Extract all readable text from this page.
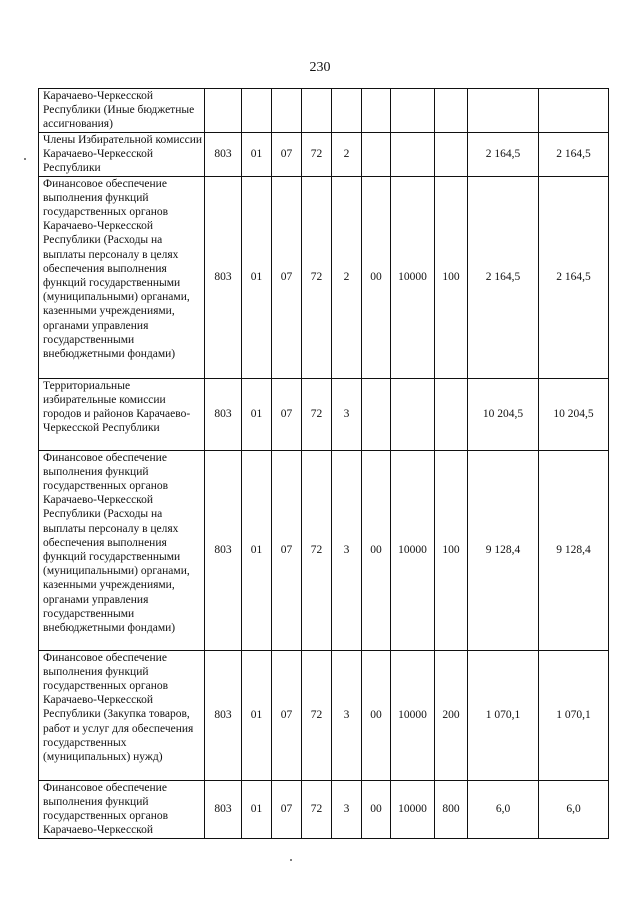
230
Карачаево-Черкесской Республики (Иные бюджетные ассигнования)										
Члены Избирательной комиссии Карачаево-Черкесской Республики	803	01	07	72	2				2 164,5	2 164,5
Финансовое обеспечение выполнения функций государственных органов Карачаево-Черкесской Республики (Расходы на выплаты персоналу в целях обеспечения выполнения функций государственными (муниципальными) органами, казенными учреждениями, органами управления государственными внебюджетными фондами)	803	01	07	72	2	00	10000	100	2 164,5	2 164,5
Территориальные избирательные комиссии городов и районов Карачаево-Черкесской Республики	803	01	07	72	3				10 204,5	10 204,5
Финансовое обеспечение выполнения функций государственных органов Карачаево-Черкесской Республики (Расходы на выплаты персоналу в целях обеспечения выполнения функций государственными (муниципальными) органами, казенными учреждениями, органами управления государственными внебюджетными фондами)	803	01	07	72	3	00	10000	100	9 128,4	9 128,4
Финансовое обеспечение выполнения функций государственных органов Карачаево-Черкесской Республики (Закупка товаров, работ и услуг для обеспечения государственных (муниципальных) нужд)	803	01	07	72	3	00	10000	200	1 070,1	1 070,1
Финансовое обеспечение выполнения функций государственных органов Карачаево-Черкесской	803	01	07	72	3	00	10000	800	6,0	6,0
